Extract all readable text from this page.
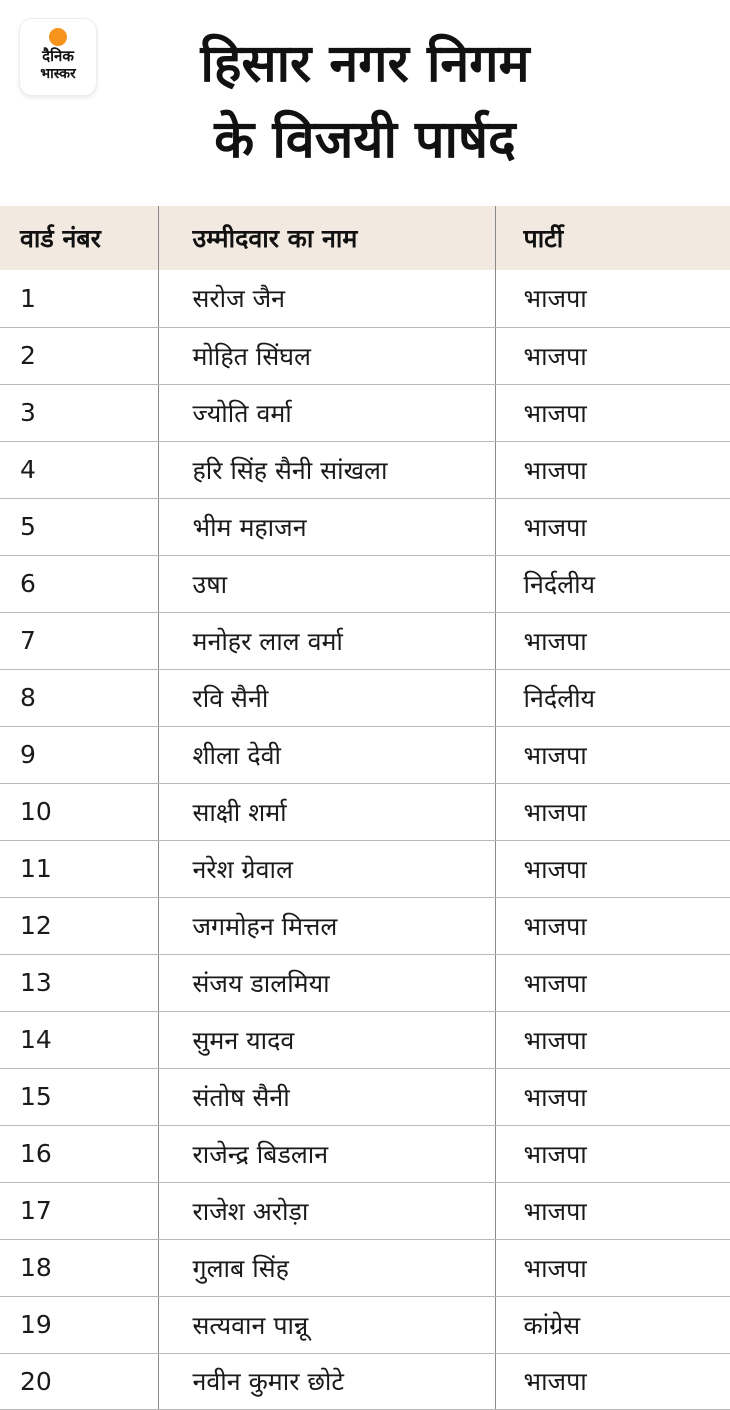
दैनिक
भास्कर	हिसार नगर निगम
के विजयी पार्षद
वार्ड नंबर	उम्मीदवार का नाम	पार्टी
1	सरोज जैन	भाजपा
2	मोहित सिंघल	भाजपा
3	ज्योति वर्मा	भाजपा
4	हरि सिंह सैनी सांखला	भाजपा
5	भीम महाजन	भाजपा
6	उषा	निर्दलीय
7	मनोहर लाल वर्मा	भाजपा
8	रवि सैनी	निर्दलीय
9	शीला देवी	भाजपा
10	साक्षी शर्मा	भाजपा
11	नरेश ग्रेवाल	भाजपा
12	जगमोहन मित्तल	भाजपा
13	संजय डालमिया	भाजपा
14	सुमन यादव	भाजपा
15	संतोष सैनी	भाजपा
16	राजेन्द्र बिडलान	भाजपा
17	राजेश अरोड़ा	भाजपा
18	गुलाब सिंह	भाजपा
19	सत्यवान पान्नू	कांग्रेस
20	नवीन कुमार छोटे	भाजपा
